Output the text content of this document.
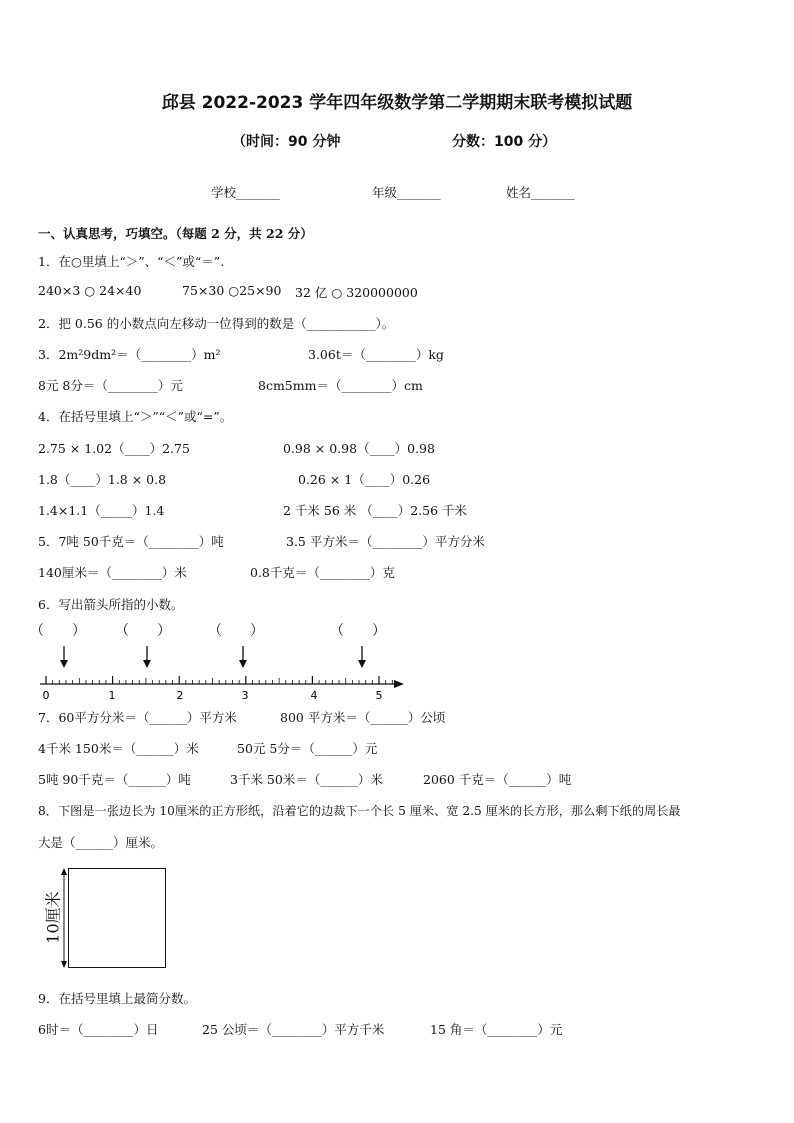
邱县 2022-2023 学年四年级数学第二学期期末联考模拟试题
（时间：90 分钟	分数：100 分）
学校_______	年级_______	姓名_______
一、认真思考，巧填空。（每题 2 分，共 22 分）
1．在○里填上“＞”、“＜”或“＝”.
240×3 ○ 24×40	75×30 ○25×90 32 亿 ○ 320000000
2．把 0.56 的小数点向左移动一位得到的数是（___________）。
3．2m²9dm²＝（________）m²	3.06t＝（________）kg
8元 8分＝（________）元	8cm5mm＝（________）cm
4．在括号里填上“＞”“＜”或“=”。
2.75 × 1.02（____）2.75	0.98 × 0.98（____）0.98
1.8（____）1.8 × 0.8	0.26 × 1（____）0.26
1.4×1.1（_____）1.4	2 千米 56 米 （____）2.56 千米
5．7吨 50千克＝（________）吨	3.5 平方米＝（________）平方分米
140厘米＝（________）米	0.8千克＝（________）克
6．写出箭头所指的小数。
（　　） （　　）	（　　）	（　　）
0	1	2	3	4	5
7．60平方分米＝（______）平方米	800 平方米＝（______）公顷
4千米 150米＝（______）米	50元 5分＝（______）元
5吨 90千克＝（______）吨	3千米 50米＝（______）米	2060 千克＝（______）吨
8．下图是一张边长为 10厘米的正方形纸，沿着它的边裁下一个长 5 厘米、宽 2.5 厘米的长方形，那么剩下纸的周长最
大是（______）厘米。
10厘米
9．在括号里填上最简分数。
6时＝（________）日	25 公顷＝（________）平方千米	15 角＝（________）元
